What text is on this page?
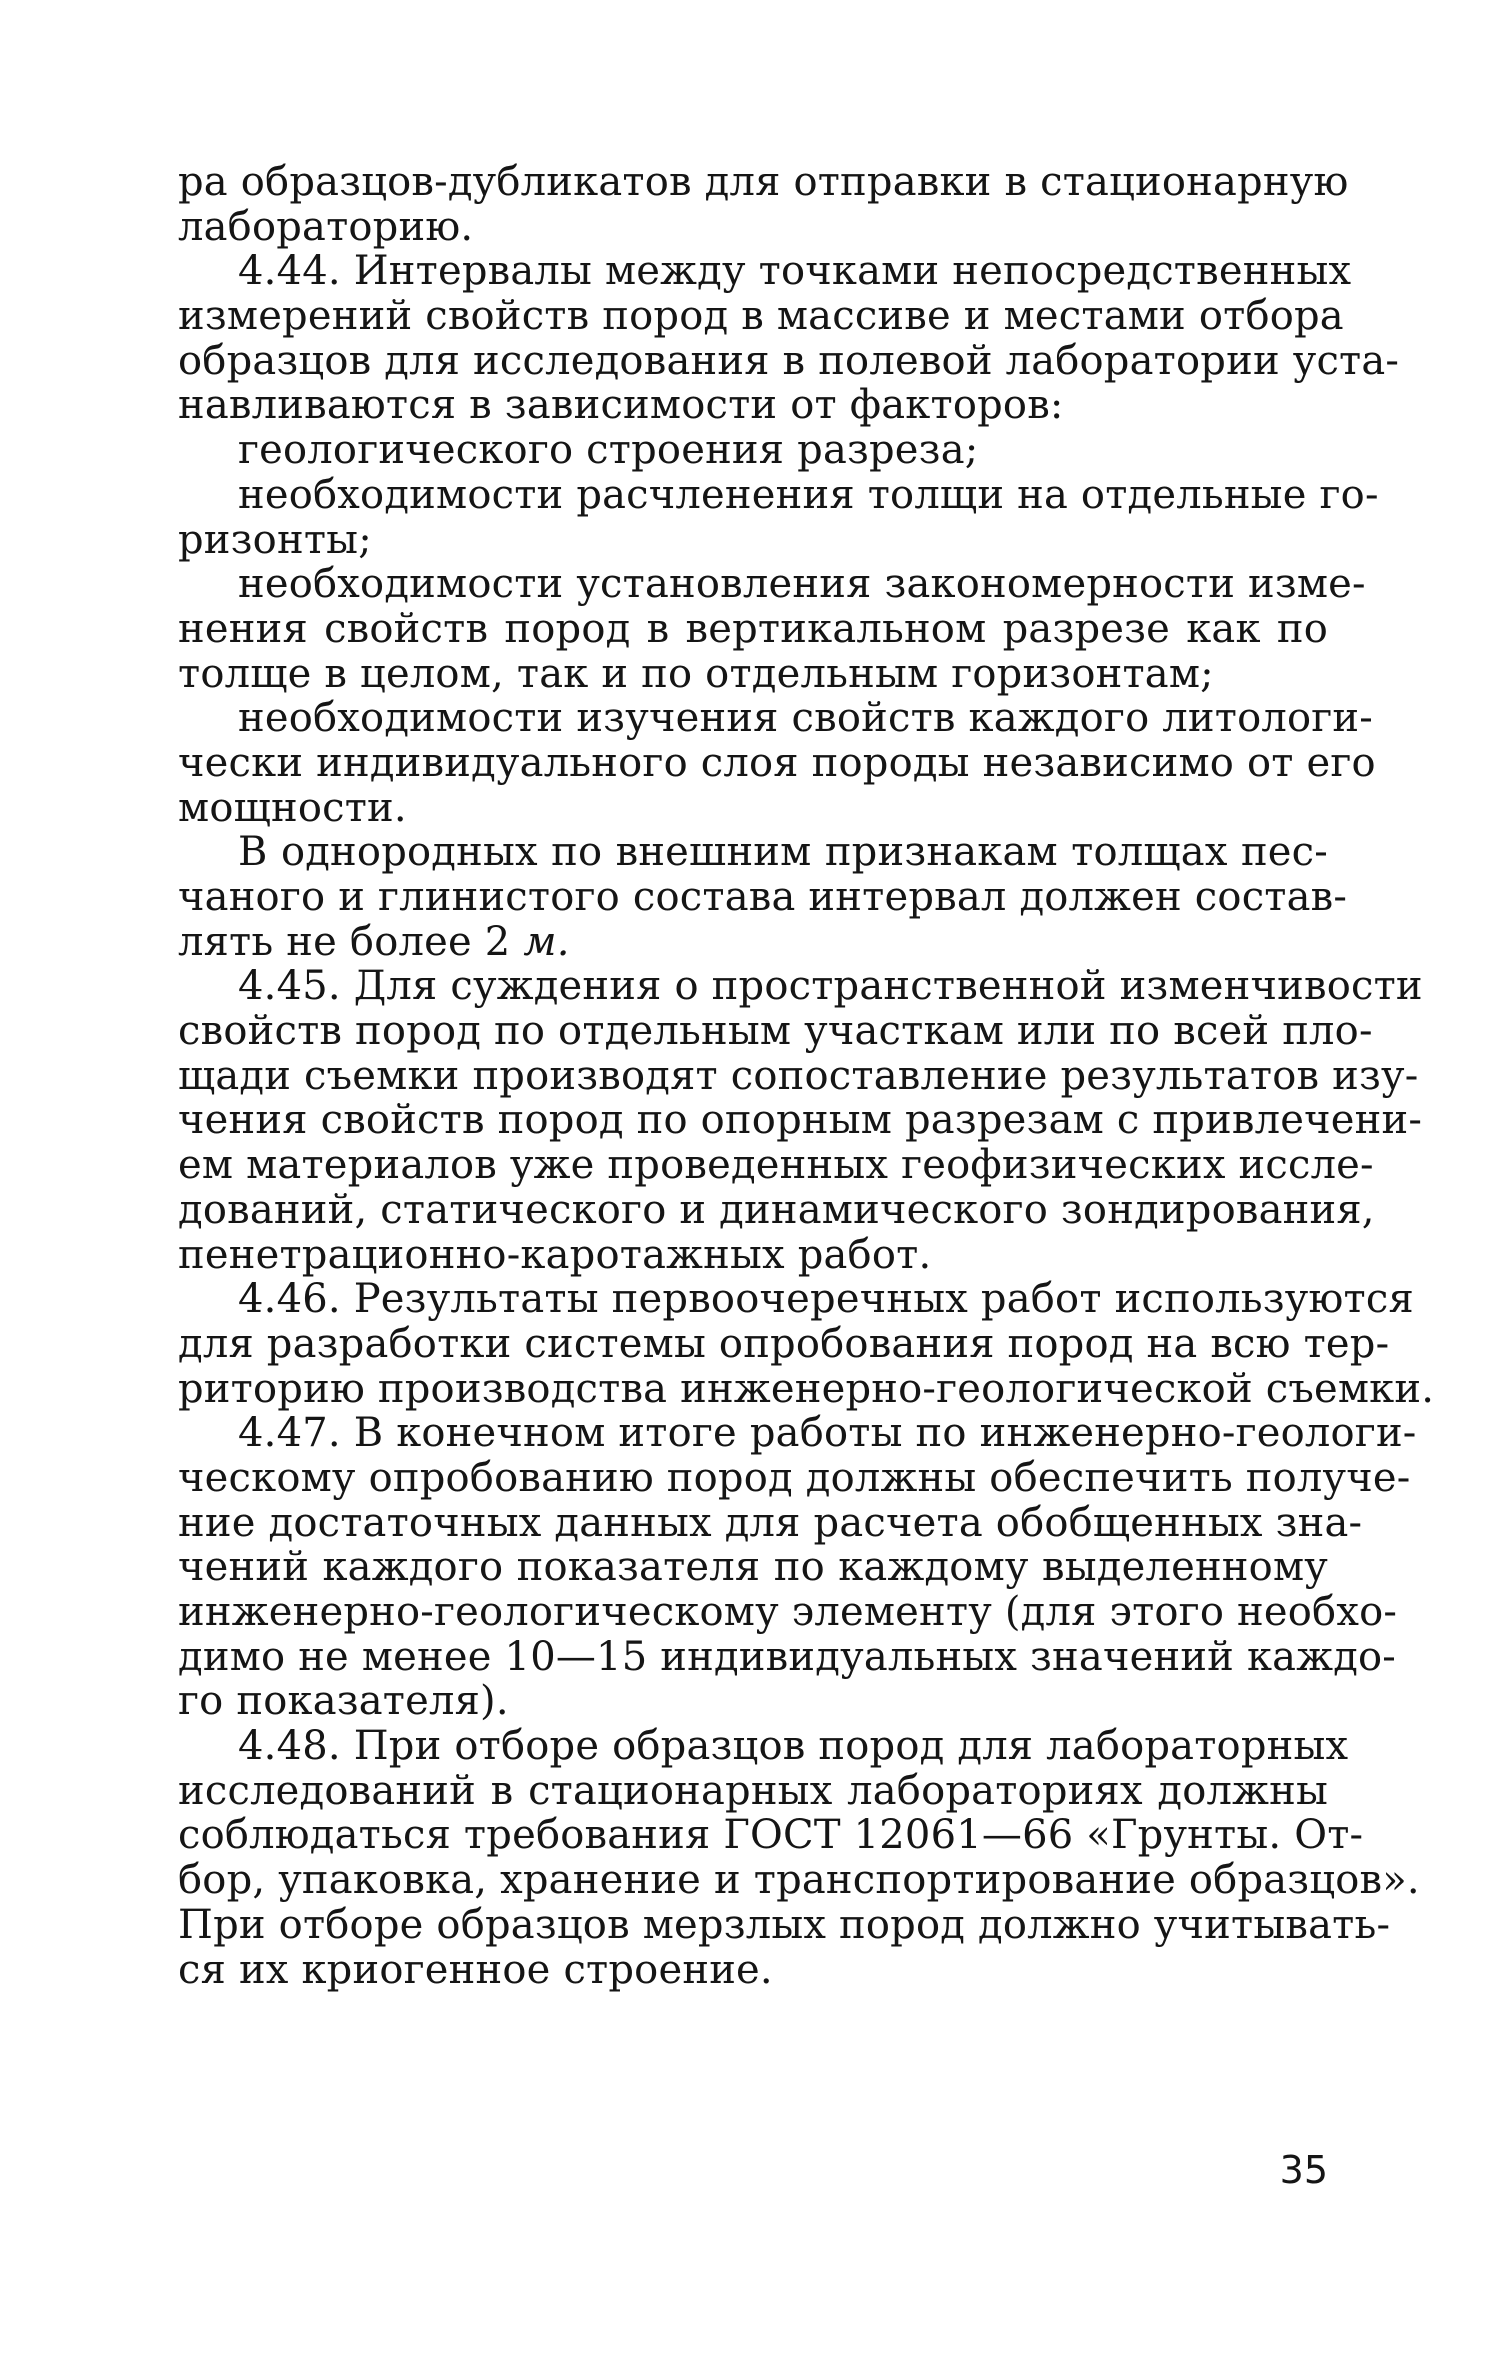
ра образцов-дубликатов для отправки в стационарную
лабораторию.
4.44. Интервалы между точками непосредственных
измерений свойств пород в массиве и местами отбора
образцов для исследования в полевой лаборатории уста-
навливаются в зависимости от факторов:
геологического строения разреза;
необходимости расчленения толщи на отдельные го-
ризонты;
необходимости установления закономерности изме-
нения свойств пород в вертикальном разрезе как по
толще в целом, так и по отдельным горизонтам;
необходимости изучения свойств каждого литологи-
чески индивидуального слоя породы независимо от его
мощности.
В однородных по внешним признакам толщах пес-
чаного и глинистого состава интервал должен состав-
лять не более 2 м.
4.45. Для суждения о пространственной изменчивости
свойств пород по отдельным участкам или по всей пло-
щади съемки производят сопоставление результатов изу-
чения свойств пород по опорным разрезам с привлечени-
ем материалов уже проведенных геофизических иссле-
дований, статического и динамического зондирования,
пенетрационно-каротажных работ.
4.46. Результаты первоочеречных работ используются
для разработки системы опробования пород на всю тер-
риторию производства инженерно-геологической съемки.
4.47. В конечном итоге работы по инженерно-геологи-
ческому опробованию пород должны обеспечить получе-
ние достаточных данных для расчета обобщенных зна-
чений каждого показателя по каждому выделенному
инженерно-геологическому элементу (для этого необхо-
димо не менее 10—15 индивидуальных значений каждо-
го показателя).
4.48. При отборе образцов пород для лабораторных
исследований в стационарных лабораториях должны
соблюдаться требования ГОСТ 12061—66 «Грунты. От-
бор, упаковка, хранение и транспортирование образцов».
При отборе образцов мерзлых пород должно учитывать-
ся их криогенное строение.
35
